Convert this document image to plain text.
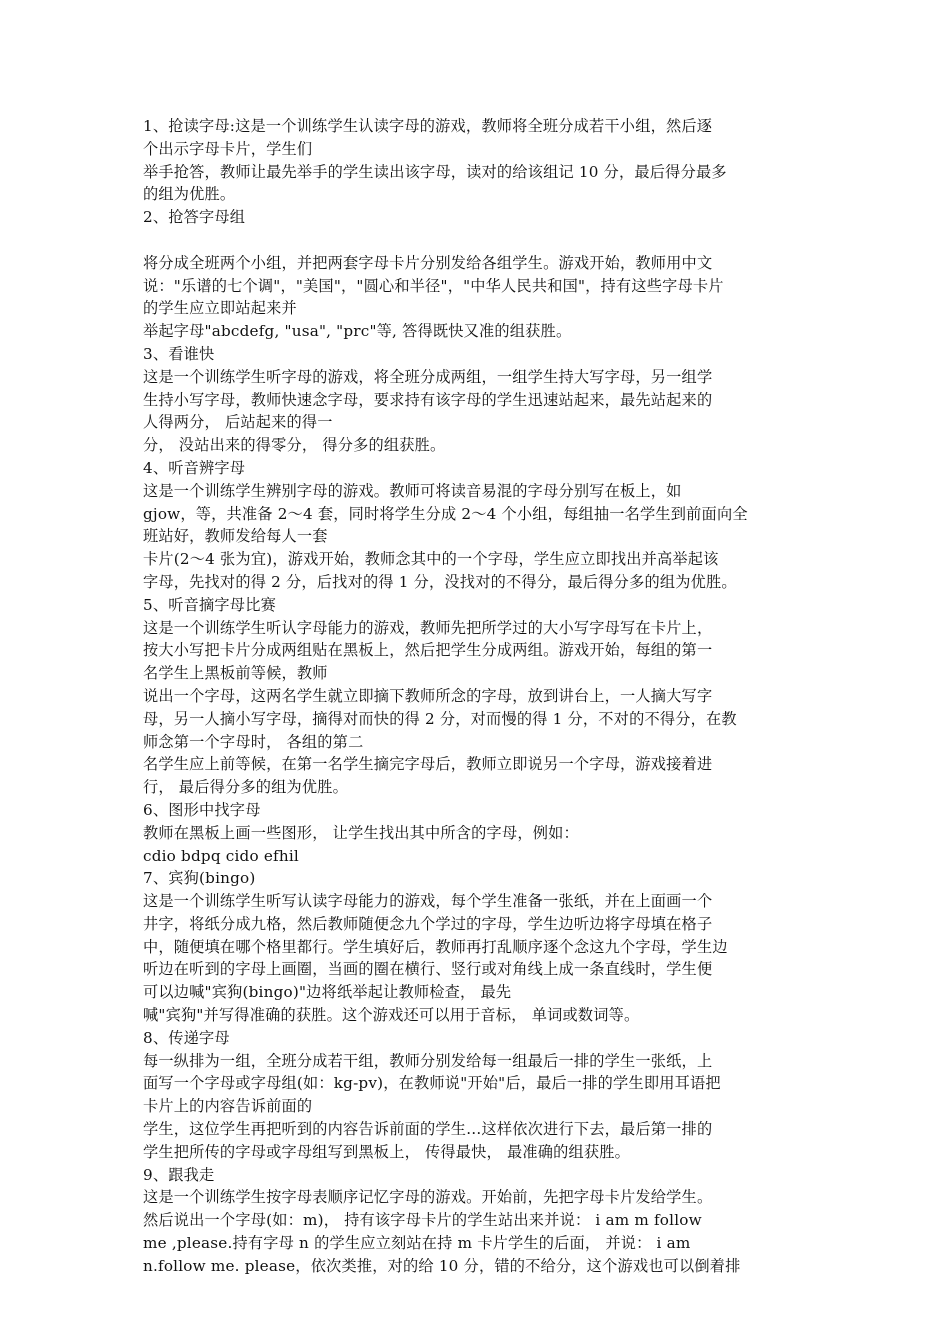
1、抢读字母:这是一个训练学生认读字母的游戏，教师将全班分成若干小组，然后逐
个出示字母卡片，学生们
举手抢答，教师让最先举手的学生读出该字母，读对的给该组记 10 分，最后得分最多
的组为优胜。
2、抢答字母组
将分成全班两个小组，并把两套字母卡片分别发给各组学生。游戏开始，教师用中文
说："乐谱的七个调"，"美国"，"圆心和半径"，"中华人民共和国"，持有这些字母卡片
的学生应立即站起来并
举起字母"abcdefg, "usa", "prc"等, 答得既快又准的组获胜。
3、看谁快
这是一个训练学生听字母的游戏，将全班分成两组，一组学生持大写字母，另一组学
生持小写字母，教师快速念字母，要求持有该字母的学生迅速站起来，最先站起来的
人得两分， 后站起来的得一
分， 没站出来的得零分， 得分多的组获胜。
4、听音辨字母
这是一个训练学生辨别字母的游戏。教师可将读音易混的字母分别写在板上，如
gjow，等，共准备 2～4 套，同时将学生分成 2～4 个小组，每组抽一名学生到前面向全
班站好，教师发给每人一套
卡片(2～4 张为宜)，游戏开始，教师念其中的一个字母，学生应立即找出并高举起该
字母，先找对的得 2 分，后找对的得 1 分，没找对的不得分，最后得分多的组为优胜。
5、听音摘字母比赛
这是一个训练学生听认字母能力的游戏，教师先把所学过的大小写字母写在卡片上，
按大小写把卡片分成两组贴在黑板上，然后把学生分成两组。游戏开始，每组的第一
名学生上黑板前等候，教师
说出一个字母，这两名学生就立即摘下教师所念的字母，放到讲台上，一人摘大写字
母，另一人摘小写字母，摘得对而快的得 2 分，对而慢的得 1 分，不对的不得分，在教
师念第一个字母时， 各组的第二
名学生应上前等候，在第一名学生摘完字母后，教师立即说另一个字母，游戏接着进
行， 最后得分多的组为优胜。
6、图形中找字母
教师在黑板上画一些图形， 让学生找出其中所含的字母，例如：
cdio bdpq cido efhil
7、宾狗(bingo)
这是一个训练学生听写认读字母能力的游戏，每个学生准备一张纸，并在上面画一个
井字，将纸分成九格，然后教师随便念九个学过的字母，学生边听边将字母填在格子
中，随便填在哪个格里都行。学生填好后，教师再打乱顺序逐个念这九个字母，学生边
听边在听到的字母上画圈，当画的圈在横行、竖行或对角线上成一条直线时，学生便
可以边喊"宾狗(bingo)"边将纸举起让教师检查， 最先
喊"宾狗"并写得准确的获胜。这个游戏还可以用于音标， 单词或数词等。
8、传递字母
每一纵排为一组，全班分成若干组，教师分别发给每一组最后一排的学生一张纸，上
面写一个字母或字母组(如：kg-pv)，在教师说"开始"后，最后一排的学生即用耳语把
卡片上的内容告诉前面的
学生，这位学生再把听到的内容告诉前面的学生…这样依次进行下去，最后第一排的
学生把所传的字母或字母组写到黑板上， 传得最快， 最准确的组获胜。
9、跟我走
这是一个训练学生按字母表顺序记忆字母的游戏。开始前，先把字母卡片发给学生。
然后说出一个字母(如：m)， 持有该字母卡片的学生站出来并说： i am m follow
me ,please.持有字母 n 的学生应立刻站在持 m 卡片学生的后面， 并说： i am
n.follow me. please，依次类推，对的给 10 分，错的不给分，这个游戏也可以倒着排
